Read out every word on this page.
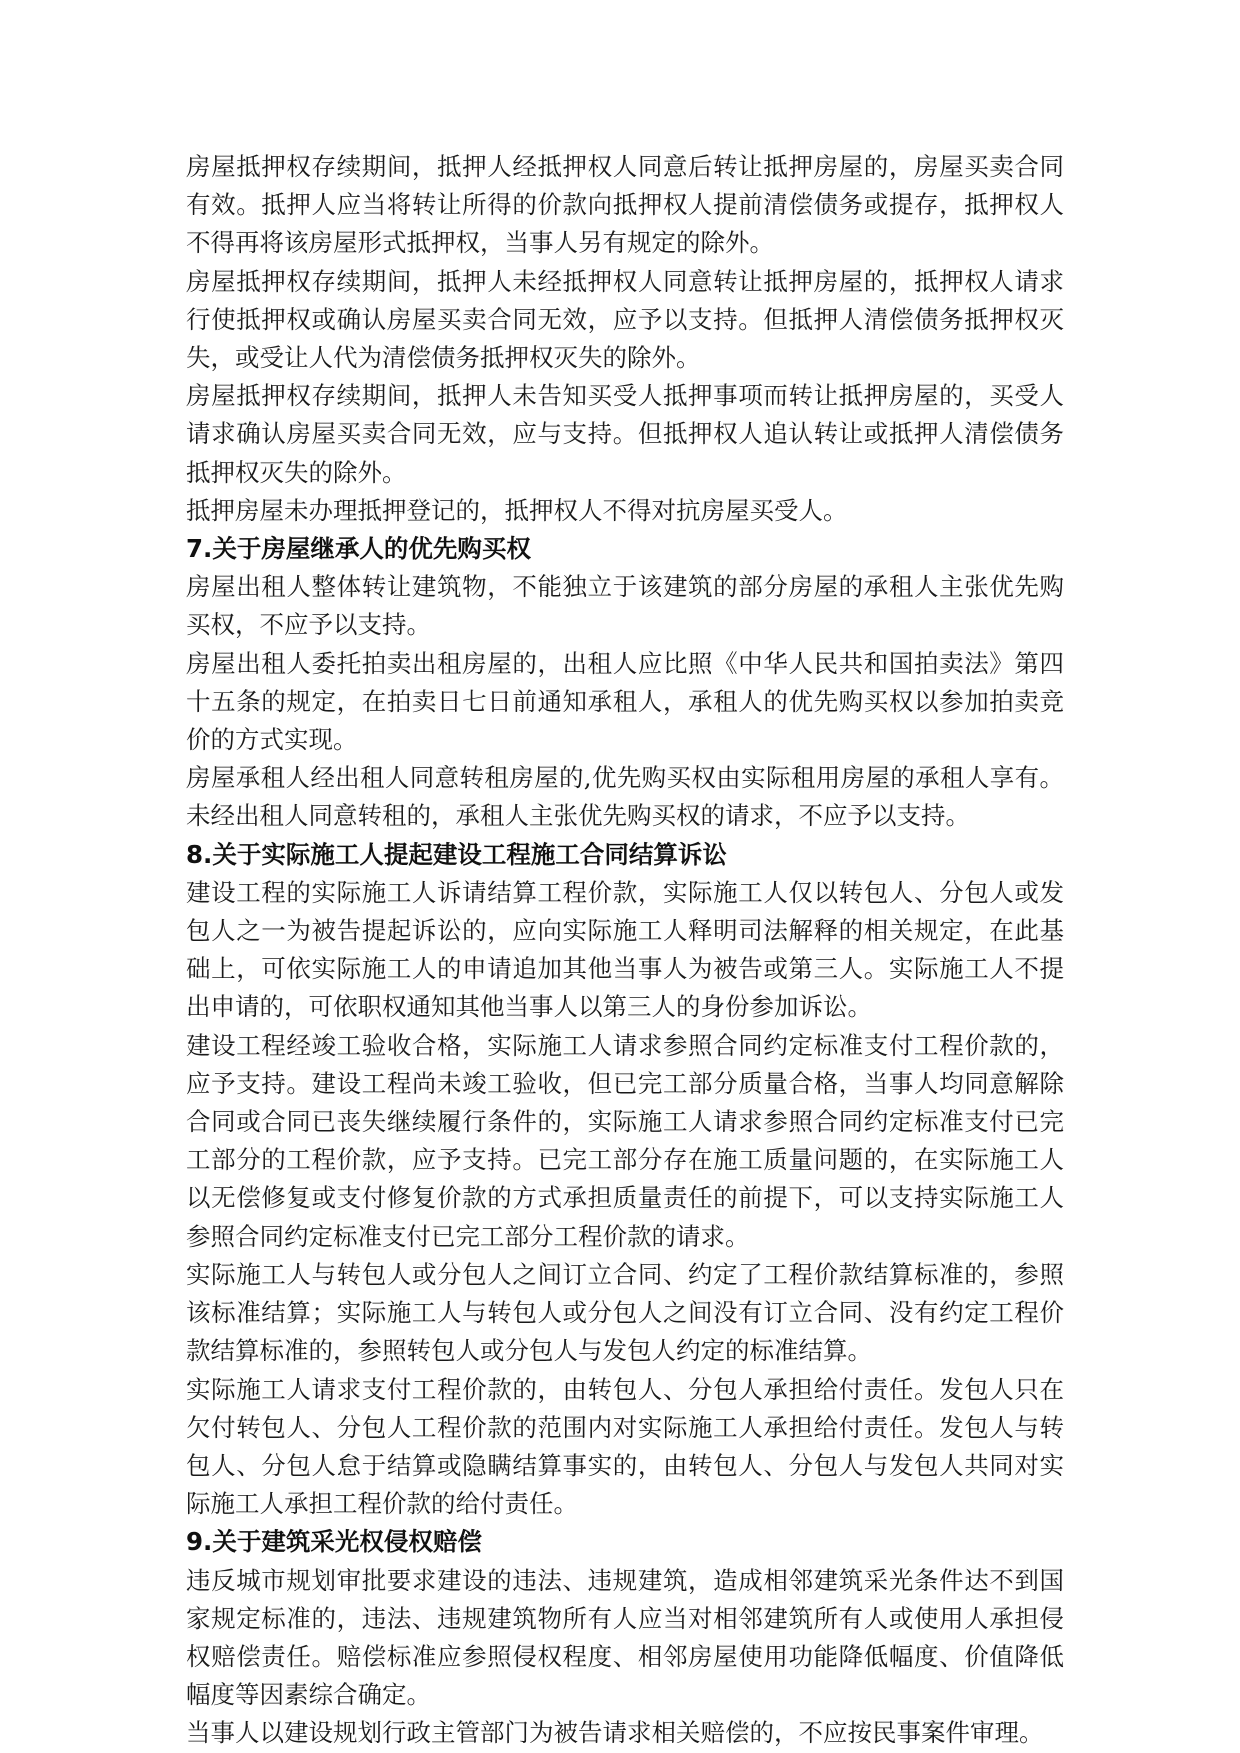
房屋抵押权存续期间，抵押人经抵押权人同意后转让抵押房屋的，房屋买卖合同有效。抵押人应当将转让所得的价款向抵押权人提前清偿债务或提存，抵押权人不得再将该房屋形式抵押权，当事人另有规定的除外。

房屋抵押权存续期间，抵押人未经抵押权人同意转让抵押房屋的，抵押权人请求行使抵押权或确认房屋买卖合同无效，应予以支持。但抵押人清偿债务抵押权灭失，或受让人代为清偿债务抵押权灭失的除外。

房屋抵押权存续期间，抵押人未告知买受人抵押事项而转让抵押房屋的，买受人请求确认房屋买卖合同无效，应与支持。但抵押权人追认转让或抵押人清偿债务抵押权灭失的除外。

抵押房屋未办理抵押登记的，抵押权人不得对抗房屋买受人。

7.关于房屋继承人的优先购买权

房屋出租人整体转让建筑物，不能独立于该建筑的部分房屋的承租人主张优先购买权，不应予以支持。

房屋出租人委托拍卖出租房屋的，出租人应比照《中华人民共和国拍卖法》第四十五条的规定，在拍卖日七日前通知承租人，承租人的优先购买权以参加拍卖竞价的方式实现。

房屋承租人经出租人同意转租房屋的,优先购买权由实际租用房屋的承租人享有。未经出租人同意转租的，承租人主张优先购买权的请求，不应予以支持。

8.关于实际施工人提起建设工程施工合同结算诉讼

建设工程的实际施工人诉请结算工程价款，实际施工人仅以转包人、分包人或发包人之一为被告提起诉讼的，应向实际施工人释明司法解释的相关规定，在此基础上，可依实际施工人的申请追加其他当事人为被告或第三人。实际施工人不提出申请的，可依职权通知其他当事人以第三人的身份参加诉讼。

建设工程经竣工验收合格，实际施工人请求参照合同约定标准支付工程价款的，应予支持。建设工程尚未竣工验收，但已完工部分质量合格，当事人均同意解除合同或合同已丧失继续履行条件的，实际施工人请求参照合同约定标准支付已完工部分的工程价款，应予支持。已完工部分存在施工质量问题的，在实际施工人以无偿修复或支付修复价款的方式承担质量责任的前提下，可以支持实际施工人参照合同约定标准支付已完工部分工程价款的请求。

实际施工人与转包人或分包人之间订立合同、约定了工程价款结算标准的，参照该标准结算；实际施工人与转包人或分包人之间没有订立合同、没有约定工程价款结算标准的，参照转包人或分包人与发包人约定的标准结算。

实际施工人请求支付工程价款的，由转包人、分包人承担给付责任。发包人只在欠付转包人、分包人工程价款的范围内对实际施工人承担给付责任。发包人与转包人、分包人怠于结算或隐瞒结算事实的，由转包人、分包人与发包人共同对实际施工人承担工程价款的给付责任。

9.关于建筑采光权侵权赔偿

违反城市规划审批要求建设的违法、违规建筑，造成相邻建筑采光条件达不到国家规定标准的，违法、违规建筑物所有人应当对相邻建筑所有人或使用人承担侵权赔偿责任。赔偿标准应参照侵权程度、相邻房屋使用功能降低幅度、价值降低幅度等因素综合确定。

当事人以建设规划行政主管部门为被告请求相关赔偿的，不应按民事案件审理。
